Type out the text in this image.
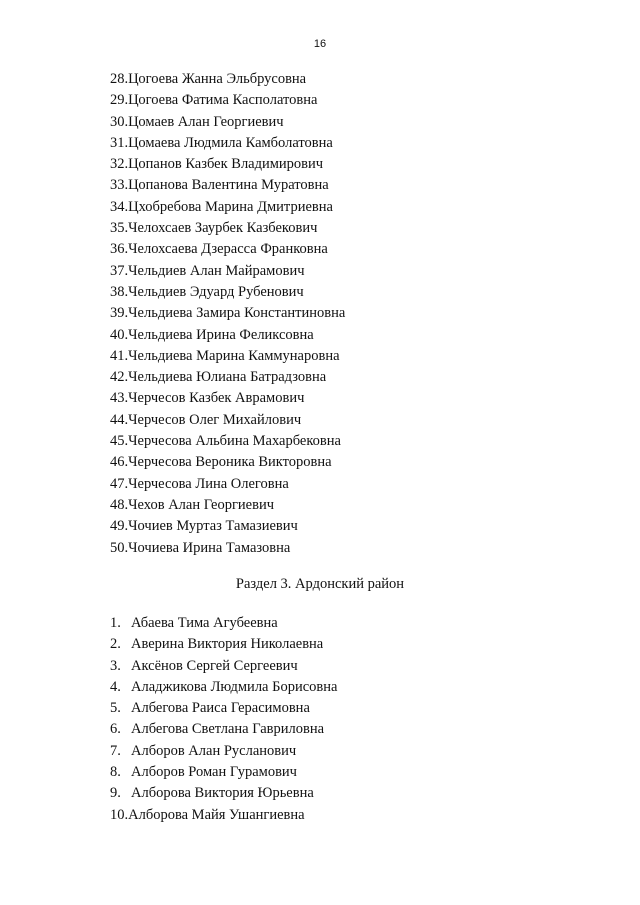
16
28.Цогоева Жанна Эльбрусовна
29.Цогоева Фатима Касполатовна
30.Цомаев Алан Георгиевич
31.Цомаева Людмила Камболатовна
32.Цопанов Казбек Владимирович
33.Цопанова Валентина Муратовна
34.Цхобребова Марина Дмитриевна
35.Челохсаев Заурбек Казбекович
36.Челохсаева Дзерасса Франковна
37.Чельдиев Алан Майрамович
38.Чельдиев Эдуард Рубенович
39.Чельдиева Замира Константиновна
40.Чельдиева Ирина Феликсовна
41.Чельдиева Марина Каммунаровна
42.Чельдиева Юлиана Батрадзовна
43.Черчесов Казбек Аврамович
44.Черчесов Олег Михайлович
45.Черчесова Альбина Махарбековна
46.Черчесова Вероника Викторовна
47.Черчесова Лина Олеговна
48.Чехов Алан Георгиевич
49.Чочиев Муртаз Тамазиевич
50.Чочиева Ирина Тамазовна
Раздел 3. Ардонский район
1. Абаева Тима Агубеевна
2. Аверина Виктория Николаевна
3. Аксёнов Сергей Сергеевич
4. Аладжикова Людмила Борисовна
5. Албегова Раиса Герасимовна
6. Албегова Светлана Гавриловна
7. Алборов Алан Русланович
8. Алборов Роман Гурамович
9. Алборова Виктория Юрьевна
10.Алборова Майя Ушангиевна
